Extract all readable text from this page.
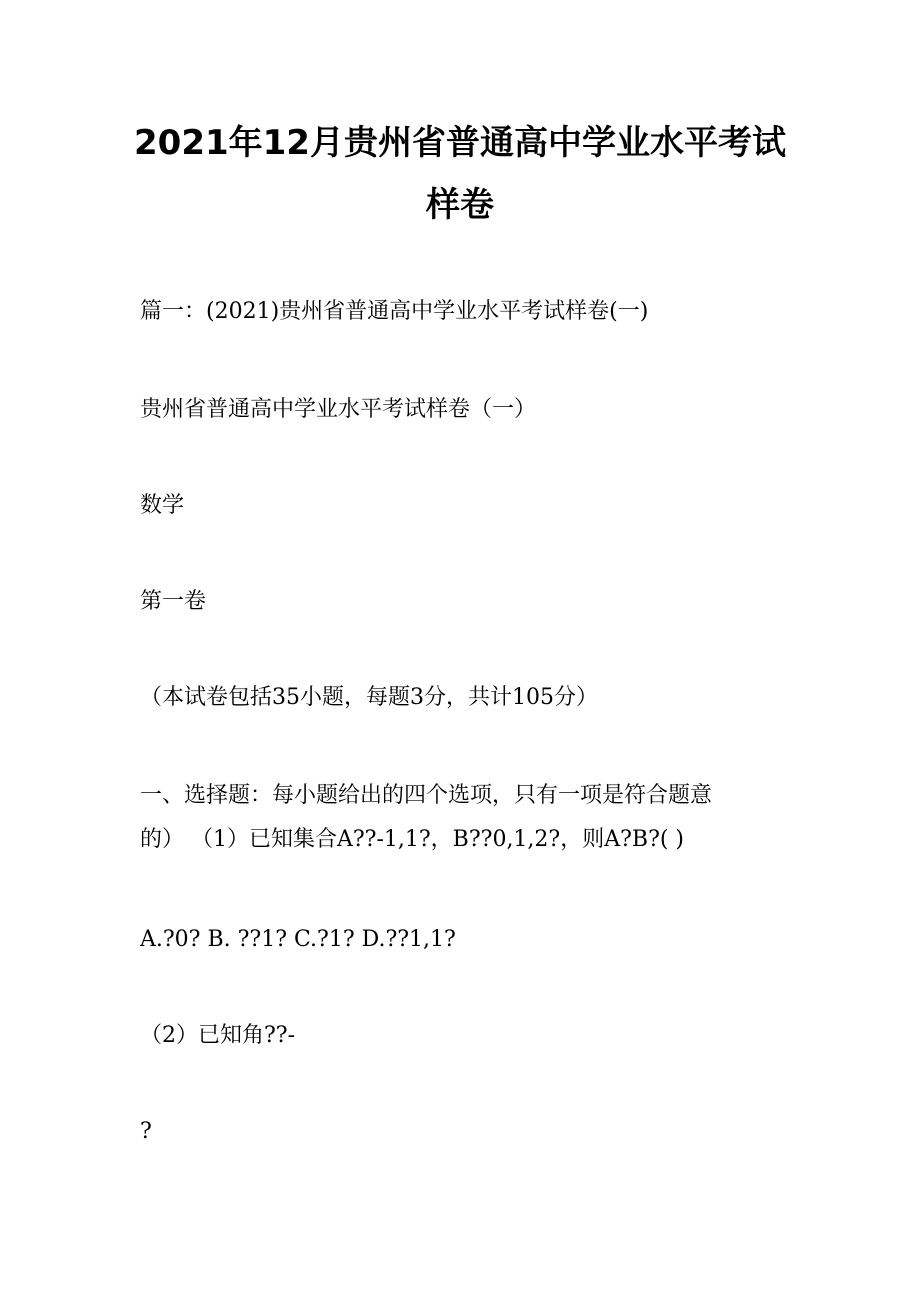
2021年12月贵州省普通高中学业水平考试
样卷
篇一：(2021)贵州省普通高中学业水平考试样卷(一)
贵州省普通高中学业水平考试样卷（一）
数学
第一卷
（本试卷包括35小题，每题3分，共计105分）
一、选择题：每小题给出的四个选项，只有一项是符合题意
的） （1）已知集合A??-1,1?，B??0,1,2?，则A?B?( )
A.?0? B. ??1? C.?1? D.??1,1?
（2）已知角??-
?
